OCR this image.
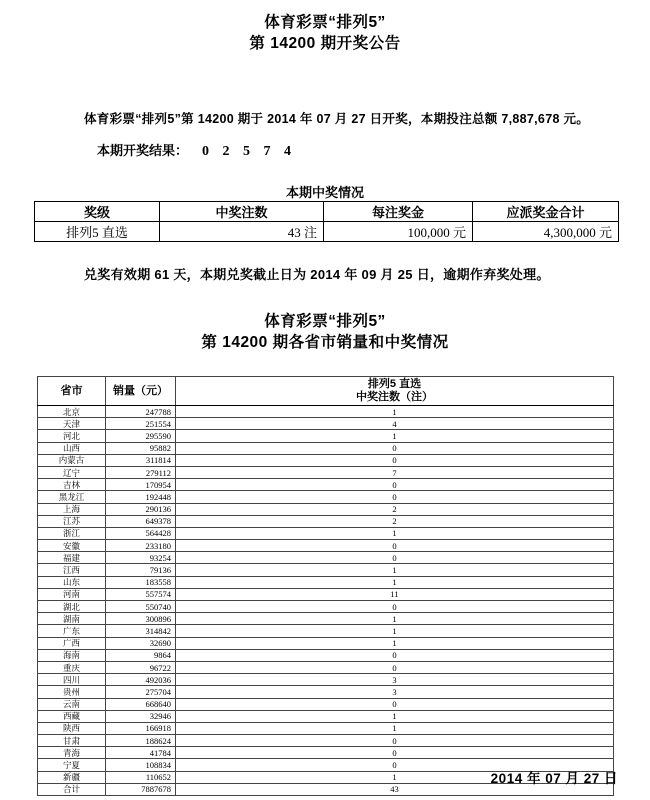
体育彩票“排列5”
第 14200 期开奖公告
体育彩票“排列5”第 14200 期于 2014 年 07 月 27 日开奖，本期投注总额 7,887,678 元。
本期开奖结果： 0 2 5 7 4
本期中奖情况
奖级	中奖注数	每注奖金	应派奖金合计
排列5 直选	43 注	100,000 元	4,300,000 元
兑奖有效期 61 天，本期兑奖截止日为 2014 年 09 月 25 日，逾期作弃奖处理。
体育彩票“排列5”
第 14200 期各省市销量和中奖情况
省市	销量（元）	排列5 直选
中奖注数（注）

北京	247788	1
天津	251554	4
河北	295590	1
山西	95882	0
内蒙古	311814	0
辽宁	279112	7
吉林	170954	0
黑龙江	192448	0
上海	290136	2
江苏	649378	2
浙江	564428	1
安徽	233180	0
福建	93254	0
江西	79136	1
山东	183558	1
河南	557574	11
湖北	550740	0
湖南	300896	1
广东	314842	1
广西	32690	1
海南	9864	0
重庆	96722	0
四川	492036	3
贵州	275704	3
云南	668640	0
西藏	32946	1
陕西	166918	1
甘肃	188624	0
青海	41784	0
宁夏	108834	0
新疆	110652	1
合计	7887678	43
2014 年 07 月 27 日
